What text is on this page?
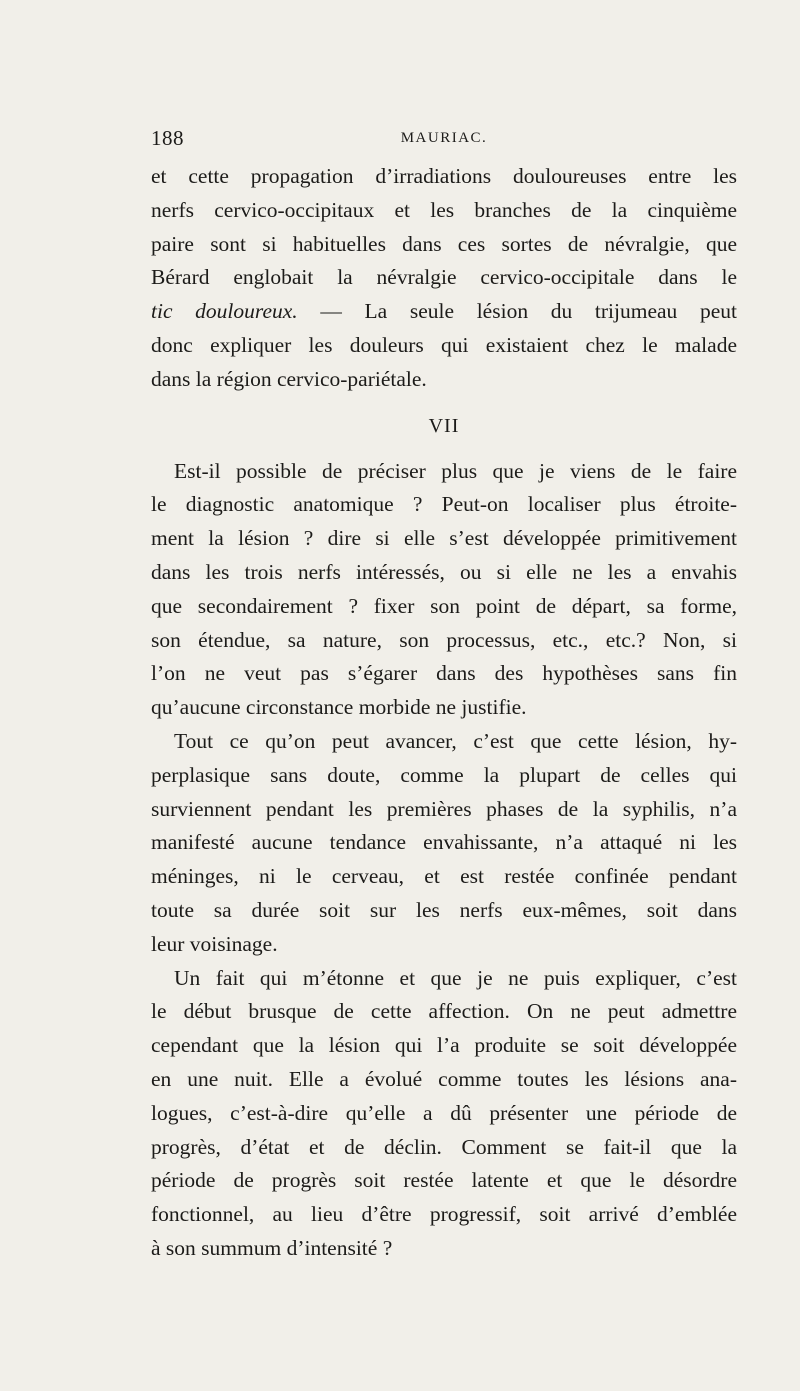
188	MAURIAC.
et cette propagation d’irradiations douloureuses entre les
nerfs cervico-occipitaux et les branches de la cinquième
paire sont si habituelles dans ces sortes de névralgie, que
Bérard englobait la névralgie cervico-occipitale dans le
tic douloureux. — La seule lésion du trijumeau peut
donc expliquer les douleurs qui existaient chez le malade
dans la région cervico-pariétale.
VII
Est-il possible de préciser plus que je viens de le faire
le diagnostic anatomique ? Peut-on localiser plus étroite-
ment la lésion ? dire si elle s’est développée primitivement
dans les trois nerfs intéressés, ou si elle ne les a envahis
que secondairement ? fixer son point de départ, sa forme,
son étendue, sa nature, son processus, etc., etc.? Non, si
l’on ne veut pas s’égarer dans des hypothèses sans fin
qu’aucune circonstance morbide ne justifie.
Tout ce qu’on peut avancer, c’est que cette lésion, hy-
perplasique sans doute, comme la plupart de celles qui
surviennent pendant les premières phases de la syphilis, n’a
manifesté aucune tendance envahissante, n’a attaqué ni les
méninges, ni le cerveau, et est restée confinée pendant
toute sa durée soit sur les nerfs eux-mêmes, soit dans
leur voisinage.
Un fait qui m’étonne et que je ne puis expliquer, c’est
le début brusque de cette affection. On ne peut admettre
cependant que la lésion qui l’a produite se soit développée
en une nuit. Elle a évolué comme toutes les lésions ana-
logues, c’est-à-dire qu’elle a dû présenter une période de
progrès, d’état et de déclin. Comment se fait-il que la
période de progrès soit restée latente et que le désordre
fonctionnel, au lieu d’être progressif, soit arrivé d’emblée
à son summum d’intensité ?
